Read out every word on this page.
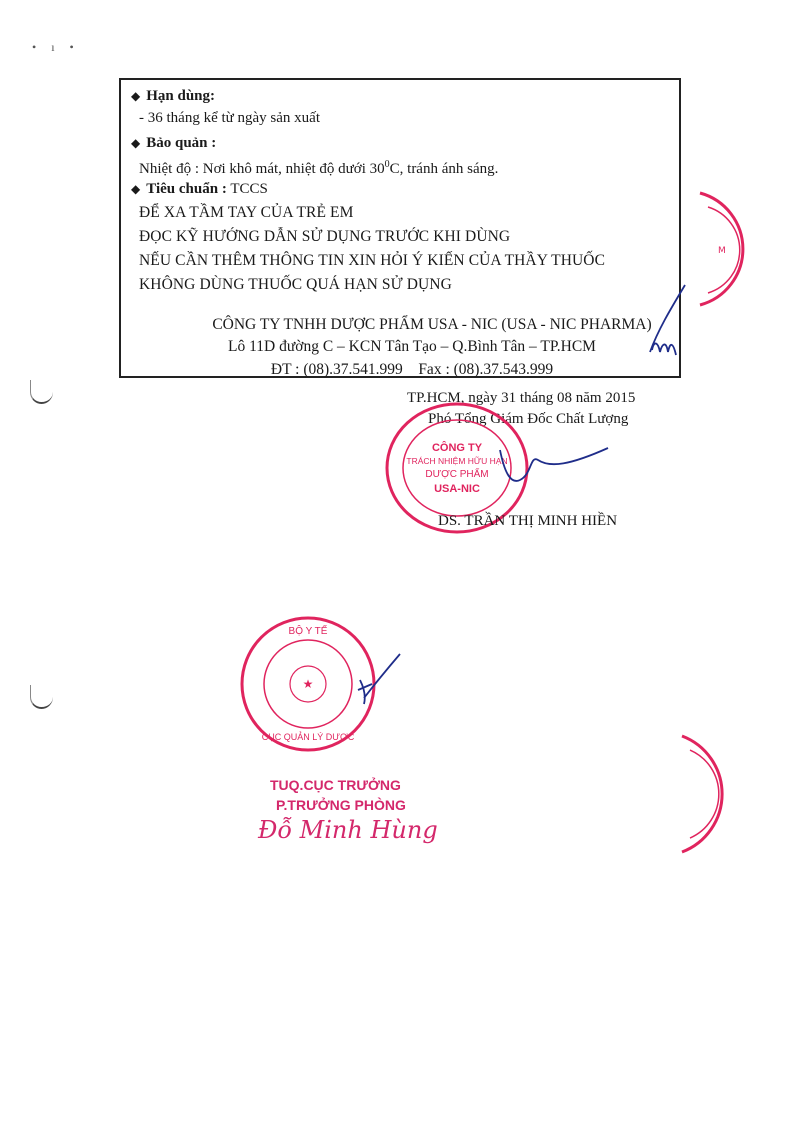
• ı •
◆ Hạn dùng:
- 36 tháng kể từ ngày sản xuất
◆ Bảo quản :
Nhiệt độ : Nơi khô mát, nhiệt độ dưới $30^0C$, tránh ánh sáng.
◆ Tiêu chuẩn : TCCS
ĐỂ XA TẦM TAY CỦA TRẺ EM
ĐỌC KỸ HƯỚNG DẪN SỬ DỤNG TRƯỚC KHI DÙNG
NẾU CẦN THÊM THÔNG TIN XIN HỎI Ý KIẾN CỦA THẦY THUỐC
KHÔNG DÙNG THUỐC QUÁ HẠN SỬ DỤNG
CÔNG TY TNHH DƯỢC PHẨM USA - NIC (USA - NIC PHARMA)
Lô 11D đường C – KCN Tân Tạo – Q.Bình Tân – TP.HCM
ĐT : (08).37.541.999 Fax : (08).37.543.999
M
TP.HCM, ngày 31 tháng 08 năm 2015
Phó Tổng Giám Đốc Chất Lượng
CÔNG TY
TRÁCH NHIỆM HỮU HẠN
DƯỢC PHẨM
USA-NIC
DS. TRẦN THỊ MINH HIỀN
★
BỘ Y TẾ
CỤC QUẢN LÝ DƯỢC
TUQ.CỤC TRƯỞNG
P.TRƯỞNG PHÒNG
Đỗ Minh Hùng
